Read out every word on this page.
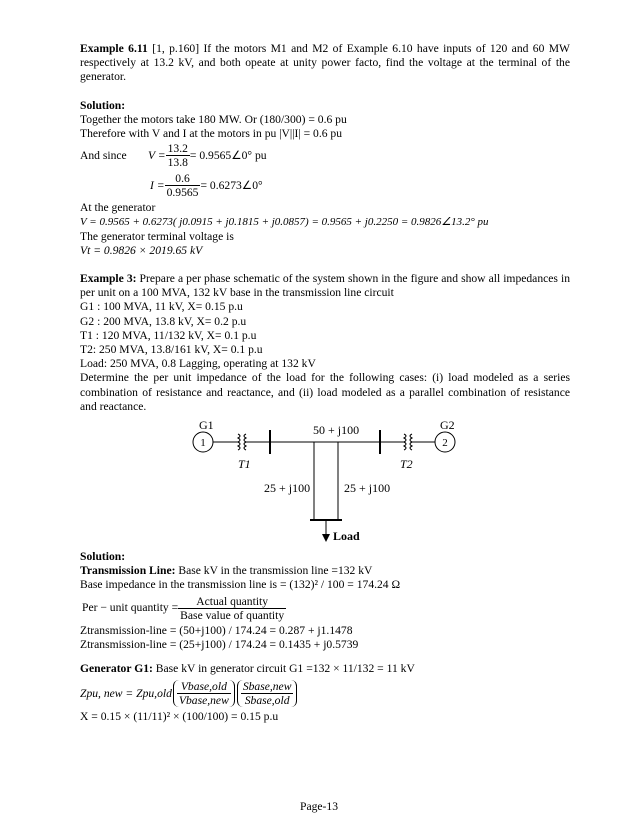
Example 6.11 [1, p.160] If the motors M1 and M2 of Example 6.10 have inputs of 120 and 60 MW respectively at 13.2 kV, and both opeate at unity power facto, find the voltage at the terminal of the generator.

Solution:

Together the motors take 180 MW. Or (180/300) = 0.6 pu

Therefore with V and I at the motors in pu |V||I| = 0.6 pu

And since	$V = \frac{13.2}{13.8}$ = 0.9565∠0° pu
$I = \frac{0.6}{0.9565}$ = 0.6273∠0°

At the generator

V = 0.9565 + 0.6273( j0.0915 + j0.1815 + j0.0857) = 0.9565 + j0.2250 = 0.9826∠13.2° pu

The generator terminal voltage is

Vt = 0.9826 × 2019.65 kV

Example 3: Prepare a per phase schematic of the system shown in the figure and show all impedances in per unit on a 100 MVA, 132 kV base in the transmission line circuit

G1 : 100 MVA, 11 kV, X= 0.15 p.u

G2 : 200 MVA, 13.8 kV, X= 0.2 p.u

T1 : 120 MVA, 11/132 kV, X= 0.1 p.u

T2: 250 MVA, 13.8/161 kV, X= 0.1 p.u

Load: 250 MVA, 0.8 Lagging, operating at 132 kV

Determine the per unit impedance of the load for the following cases: (i) load modeled as a series combination of resistance and reactance, and (ii) load modeled as a parallel combination of resistance and reactance.

G1
1
T1
50 + j100
T2
G2
2
25 + j100	25 + j100
Load

Solution:

Transmission Line: Base kV in the transmission line =132 kV

Base impedance in the transmission line is = (132)² / 100 = 174.24 Ω

Per − unit quantity = $\frac{\text{Actual quantity}}{\text{Base value of quantity}}$

Ztransmission-line = (50+j100) / 174.24 = 0.287 + j1.1478

Ztransmission-line = (25+j100) / 174.24 = 0.1435 + j0.5739

Generator G1: Base kV in generator circuit G1 =132 × 11/132 = 11 kV

Zpu, new = $Zpu,old \frac{\text{Vbase,old}}{\text{Vbase,new}} \frac{\text{Sbase,new}}{\text{Sbase,old}}$

X = 0.15 × (11/11)² × (100/100) = 0.15 p.u

Page-13
